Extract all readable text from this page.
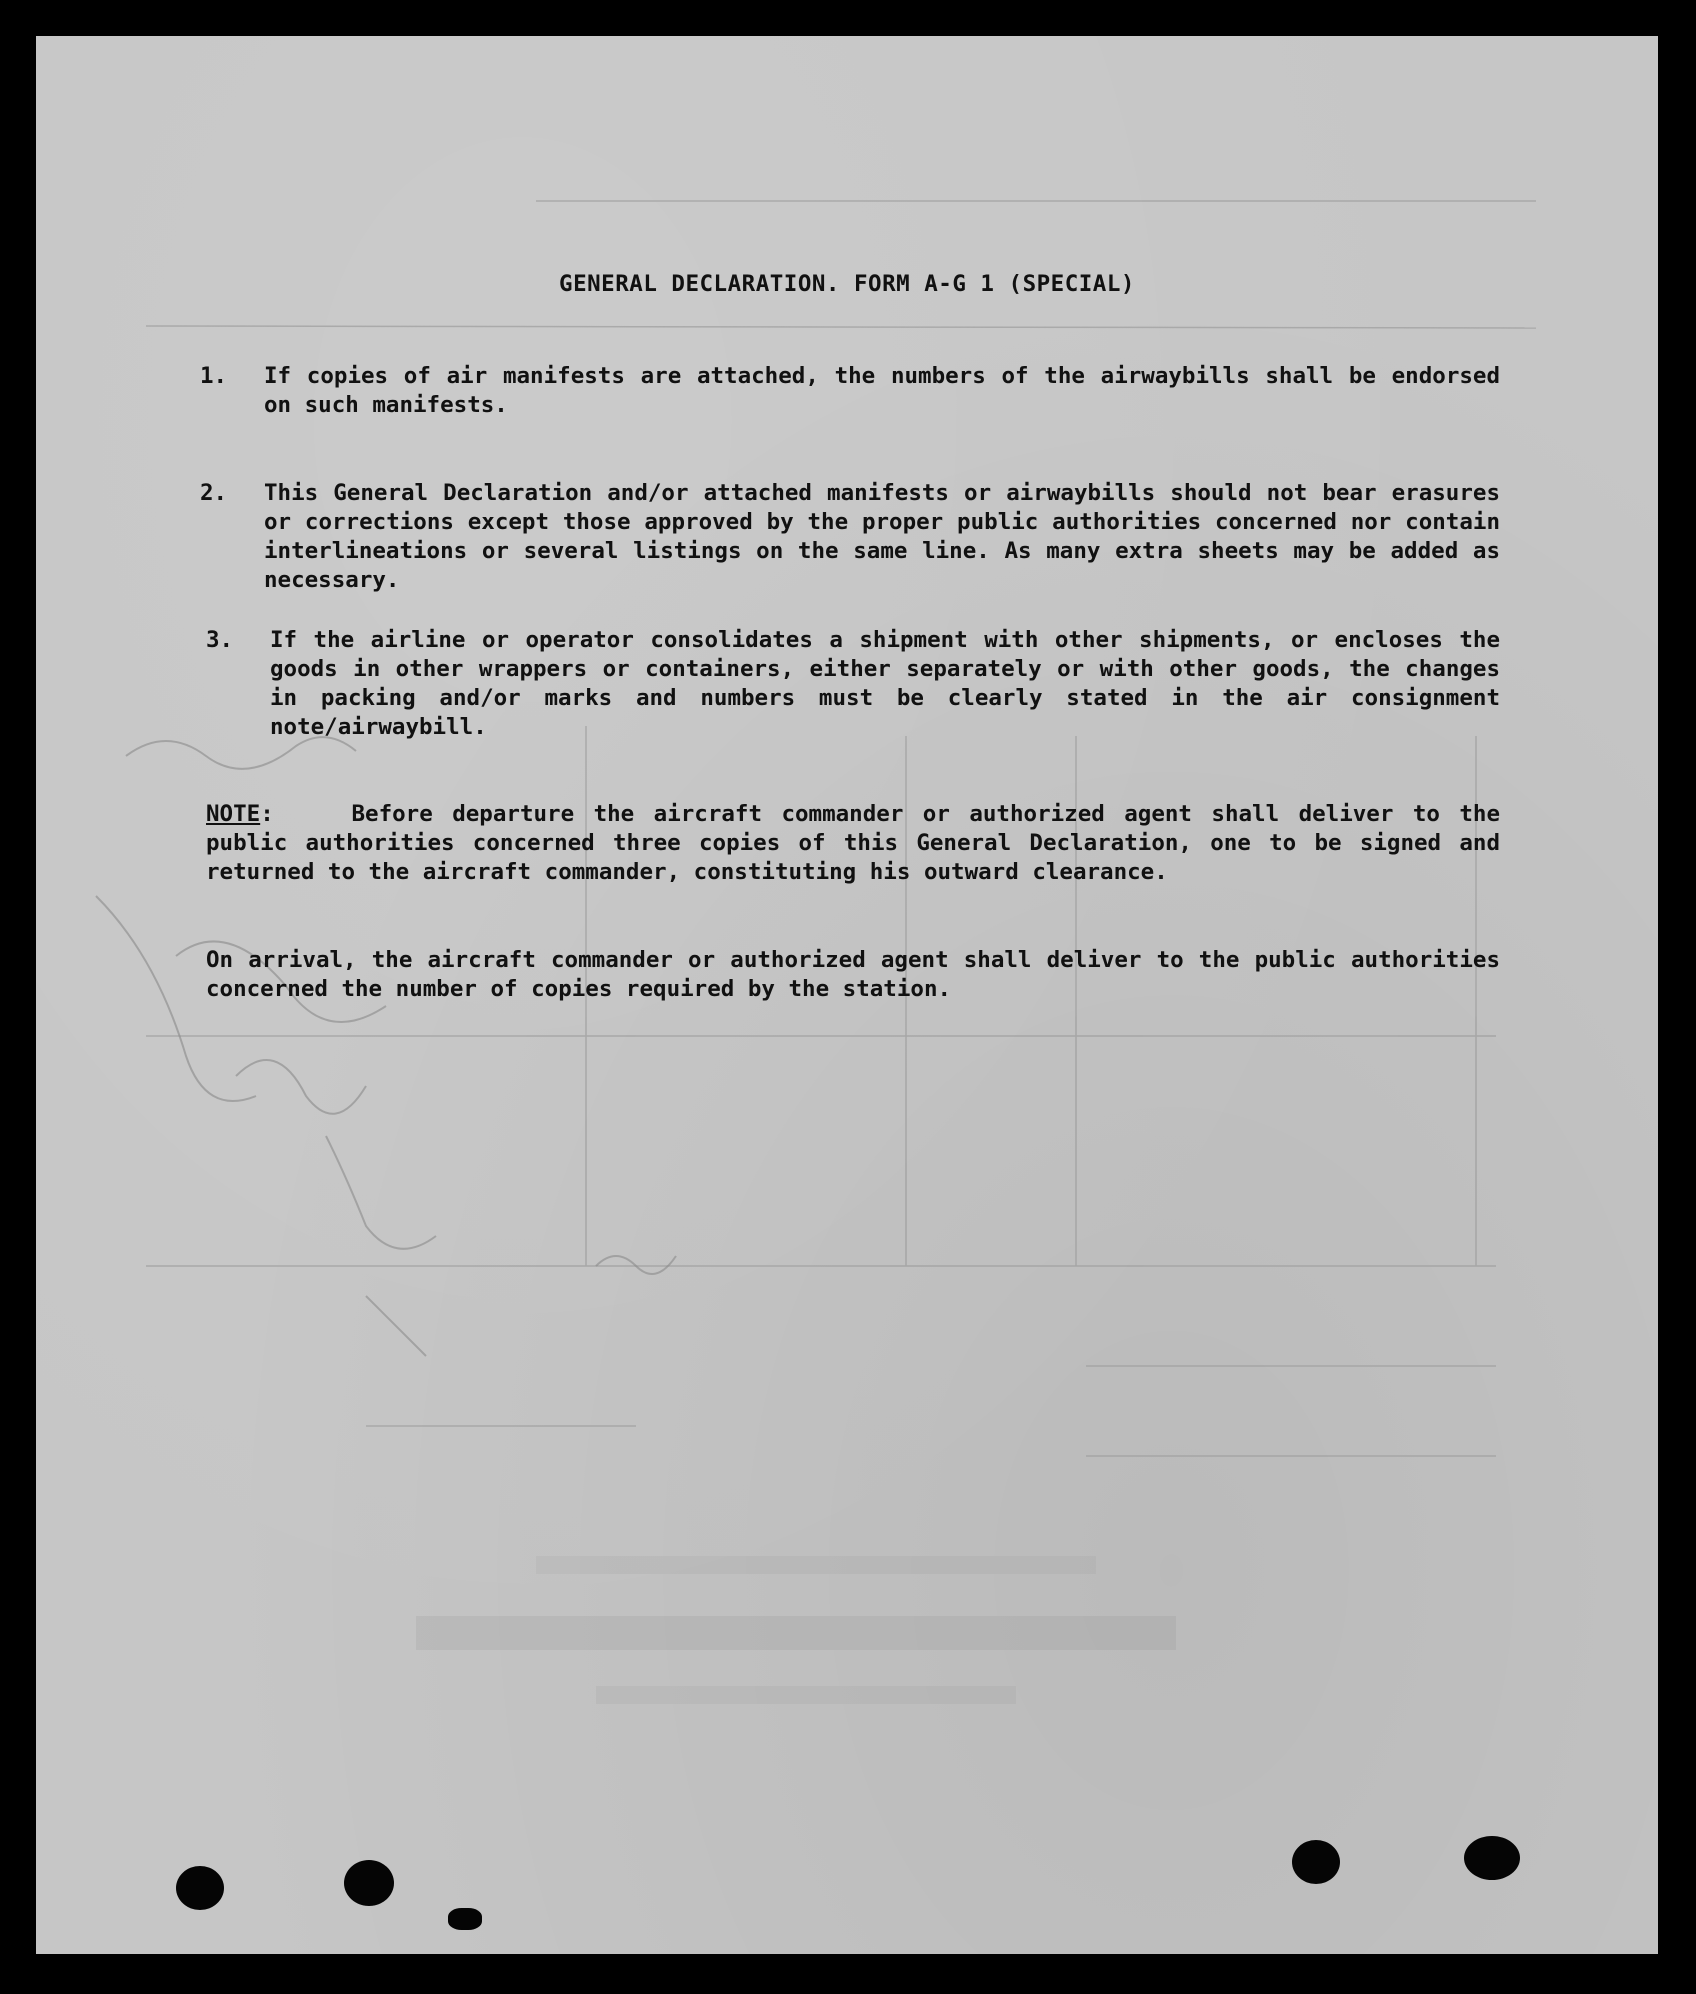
GENERAL DECLARATION. FORM A-G 1 (SPECIAL)
1.	If copies of air manifests are attached, the numbers of the airwaybills shall be endorsed on such manifests.
2.	This General Declaration and/or attached manifests or airwaybills should not bear erasures or corrections except those approved by the proper public authorities concerned nor contain interlineations or several listings on the same line. As many extra sheets may be added as necessary.
3.	If the airline or operator consolidates a shipment with other shipments, or encloses the goods in other wrappers or containers, either separately or with other goods, the changes in packing and/or marks and numbers must be clearly stated in the air consignment note/airwaybill.
NOTE:	Before departure the aircraft commander or authorized agent shall deliver to the public authorities concerned three copies of this General Declaration, one to be signed and returned to the aircraft commander, constituting his outward clearance.
On arrival, the aircraft commander or authorized agent shall deliver to the public authorities concerned the number of copies required by the station.
